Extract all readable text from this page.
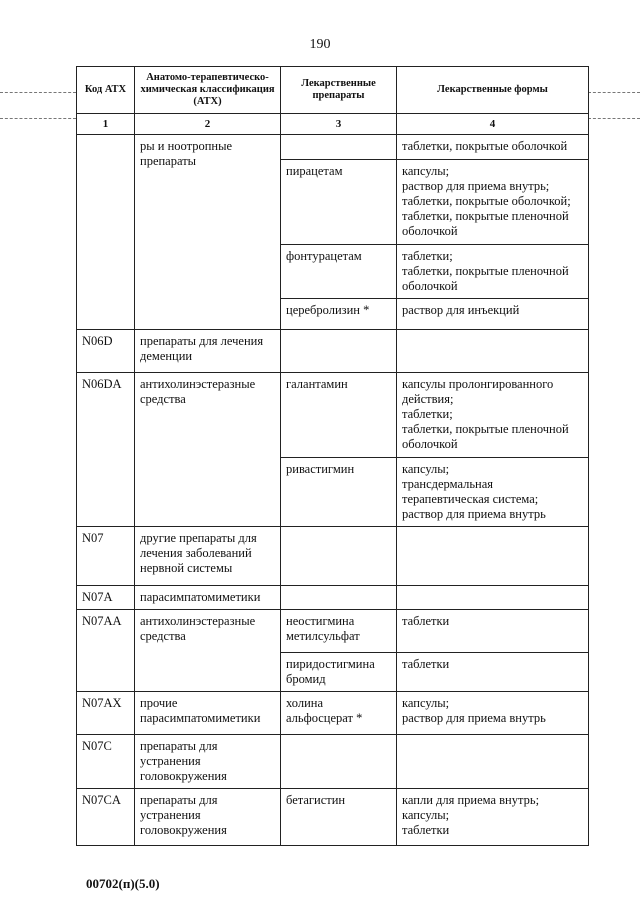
190
Код АТХ	Анатомо-терапевтическо-химическая классификация (АТХ)	Лекарственные препараты	Лекарственные формы
1	2	3	4
	ры и ноотропные препараты		таблетки, покрытые оболочкой

		пирацетам	капсулы;
раствор для приема внутрь;
таблетки, покрытые оболочкой;
таблетки, покрытые пленочной оболочкой

		фонтурацетам	таблетки;
таблетки, покрытые пленочной оболочкой

		церебролизин *	раствор для инъекций

N06D	препараты для лечения деменции		
N06DA	антихолинэстеразные средства	галантамин	капсулы пролонгированного действия;
таблетки;
таблетки, покрытые пленочной оболочкой

		ривастигмин	капсулы;
трансдермальная терапевтическая система;
раствор для приема внутрь

N07	другие препараты для лечения заболеваний нервной системы		
N07A	парасимпатомиметики		
N07AA	антихолинэстеразные средства	неостигмина метилсульфат	таблетки

		пиридостигмина бромид	таблетки

N07AX	прочие парасимпатомиметики	холина альфосцерат *	капсулы;
раствор для приема внутрь

N07C	препараты для устранения головокружения		
N07CA	препараты для устранения головокружения	бетагистин	капли для приема внутрь;
капсулы;
таблетки
00702(п)(5.0)
